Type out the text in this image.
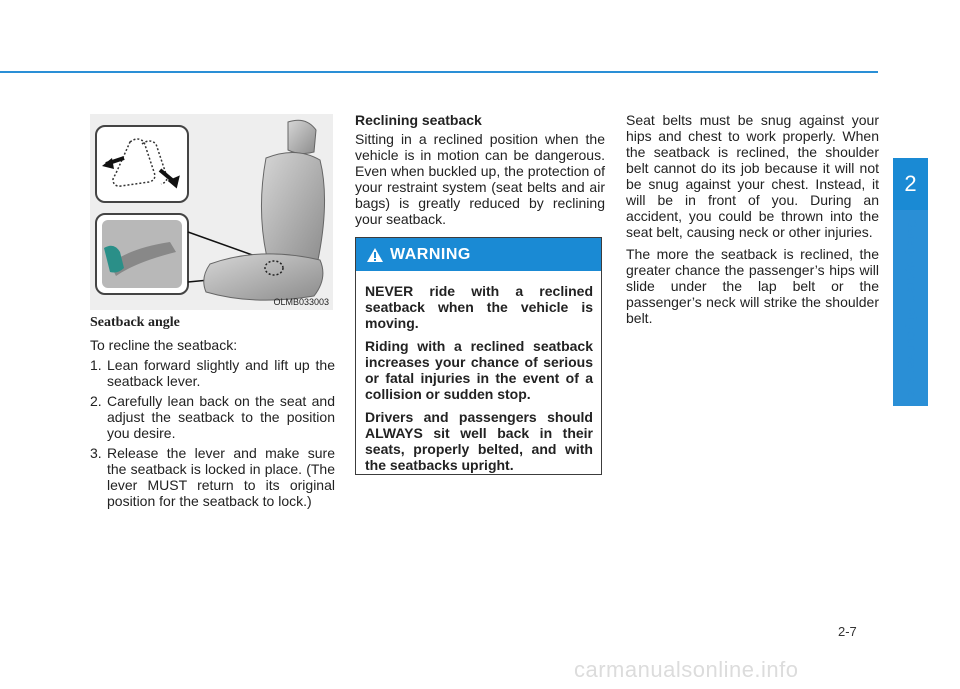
2
Safety system of your vehicle
2-7
OLMB033003

Seatback angle

To recline the seatback:

1. Lean forward slightly and lift up the seatback lever.
2. Carefully lean back on the seat and adjust the seatback to the position you desire.
3. Release the lever and make sure the seatback is locked in place. (The lever MUST return to its original position for the seatback to lock.)

Reclining seatback

Sitting in a reclined position when the vehicle is in motion can be dangerous. Even when buckled up, the protection of your restraint system (seat belts and air bags) is greatly reduced by reclining your seatback.

WARNING

NEVER ride with a reclined seatback when the vehicle is moving.

Riding with a reclined seatback increases your chance of serious or fatal injuries in the event of a collision or sudden stop.

Drivers and passengers should ALWAYS sit well back in their seats, properly belted, and with the seatbacks upright.

Seat belts must be snug against your hips and chest to work properly. When the seatback is reclined, the shoulder belt cannot do its job because it will not be snug against your chest. Instead, it will be in front of you. During an accident, you could be thrown into the seat belt, causing neck or other injuries.

The more the seatback is reclined, the greater chance the passenger’s hips will slide under the lap belt or the passenger’s neck will strike the shoulder belt.

carmanualsonline.info
